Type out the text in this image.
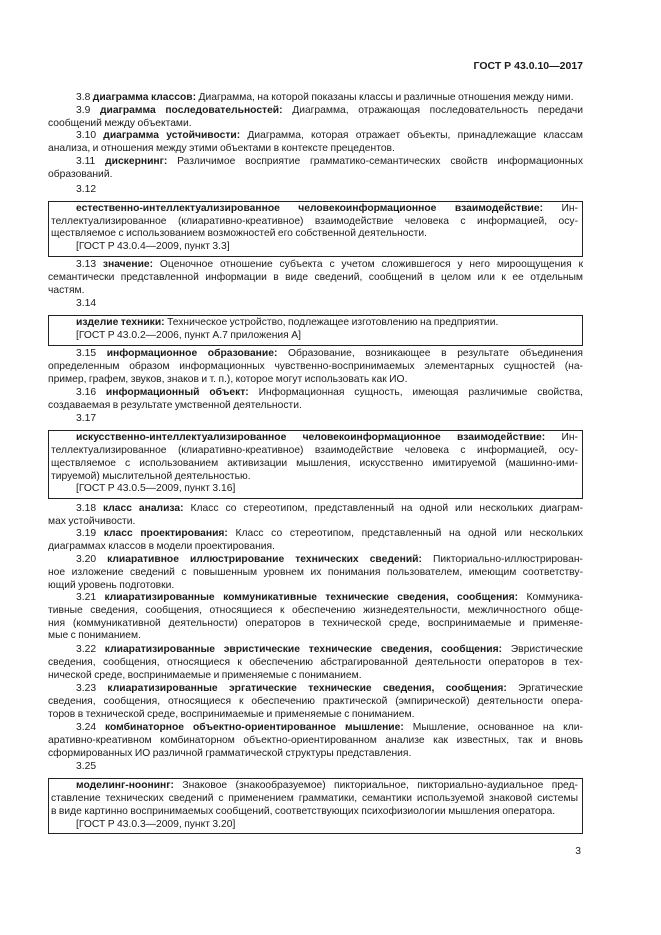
ГОСТ Р 43.0.10—2017
3.8 диаграмма классов: Диаграмма, на которой показаны классы и различные отношения между ними.
3.9 диаграмма последовательностей: Диаграмма, отражающая последовательность передачи
сообщений между объектами.
3.10 диаграмма устойчивости: Диаграмма, которая отражает объекты, принадлежащие классам
анализа, и отношения между этими объектами в контексте прецедентов.
3.11 дискернинг: Различимое восприятие грамматико-семантических свойств информационных
образований.
3.12
естественно-интеллектуализированное человекоинформационное взаимодействие: Ин-
теллектуализированное (клиаративно-креативное) взаимодействие человека с информацией, осу-
ществляемое с использованием возможностей его собственной деятельности.
[ГОСТ Р 43.0.4—2009, пункт 3.3]
3.13 значение: Оценочное отношение субъекта с учетом сложившегося у него мироощущения к
семантически представленной информации в виде сведений, сообщений в целом или к ее отдельным
частям.
3.14
изделие техники: Техническое устройство, подлежащее изготовлению на предприятии.
[ГОСТ Р 43.0.2—2006, пункт А.7 приложения А]
3.15 информационное образование: Образование, возникающее в результате объединения
определенным образом информационных чувственно-воспринимаемых элементарных сущностей (на-
пример, графем, звуков, знаков и т. п.), которое могут использовать как ИО.
3.16 информационный объект: Информационная сущность, имеющая различимые свойства,
создаваемая в результате умственной деятельности.
3.17
искусственно-интеллектуализированное человекоинформационное взаимодействие: Ин-
теллектуализированное (клиаративно-креативное) взаимодействие человека с информацией, осу-
ществляемое с использованием активизации мышления, искусственно имитируемой (машинно-ими-
тируемой) мыслительной деятельностью.
[ГОСТ Р 43.0.5—2009, пункт 3.16]
3.18 класс анализа: Класс со стереотипом, представленный на одной или нескольких диаграм-
мах устойчивости.
3.19 класс проектирования: Класс со стереотипом, представленный на одной или нескольких
диаграммах классов в модели проектирования.
3.20 клиаративное иллюстрирование технических сведений: Пикториально-иллюстрирован-
ное изложение сведений с повышенным уровнем их понимания пользователем, имеющим соответству-
ющий уровень подготовки.
3.21 клиаратизированные коммуникативные технические сведения, сообщения: Коммуника-
тивные сведения, сообщения, относящиеся к обеспечению жизнедеятельности, межличностного обще-
ния (коммуникативной деятельности) операторов в технической среде, воспринимаемые и применяе-
мые с пониманием.
3.22 клиаратизированные эвристические технические сведения, сообщения: Эвристические
сведения, сообщения, относящиеся к обеспечению абстрагированной деятельности операторов в тех-
нической среде, воспринимаемые и применяемые с пониманием.
3.23 клиаратизированные эргатические технические сведения, сообщения: Эргатические
сведения, сообщения, относящиеся к обеспечению практической (эмпирической) деятельности опера-
торов в технической среде, воспринимаемые и применяемые с пониманием.
3.24 комбинаторное объектно-ориентированное мышление: Мышление, основанное на кли-
аративно-креативном комбинаторном объектно-ориентированном анализе как известных, так и вновь
сформированных ИО различной грамматической структуры представления.
3.25
моделинг-ноонинг: Знаковое (знакообразуемое) пикториальное, пикториально-аудиальное пред-
ставление технических сведений с применением грамматики, семантики используемой знаковой системы
в виде картинно воспринимаемых сообщений, соответствующих психофизиологии мышления оператора.
[ГОСТ Р 43.0.3—2009, пункт 3.20]
3
